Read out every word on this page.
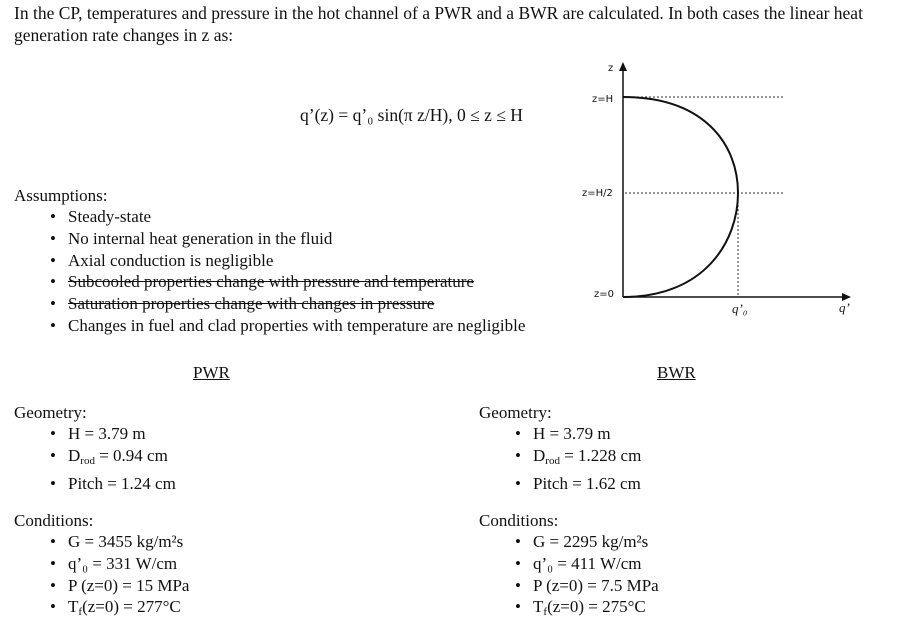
In the CP, temperatures and pressure in the hot channel of a PWR and a BWR are calculated. In both cases the linear heat generation rate changes in z as:
q’(z) = q’₀ sin(π z/H), 0 ≤ z ≤ H
Assumptions:
• Steady-state
• No internal heat generation in the fluid
• Axial conduction is negligible
• Subcooled properties change with pressure and temperature
• Saturation properties change with changes in pressure
• Changes in fuel and clad properties with temperature are negligible
z
q’
z=H
z=H/2
z=0
q’₀
PWR	BWR
Geometry:
• H = 3.79 m
• $D_{rod} = 0.94$ cm
• Pitch = 1.24 cm
Geometry:
• H = 3.79 m
• $D_{rod} = 1.228$ cm
• Pitch = 1.62 cm
Conditions:
• G = 3455 kg/m²s
• q’₀ = 331 W/cm
• P (z=0) = 15 MPa
• $T_f(z=0) = 277^\circ C$
Conditions:
• G = 2295 kg/m²s
• q’₀ = 411 W/cm
• P (z=0) = 7.5 MPa
• $T_f(z=0) = 275^\circ C$
